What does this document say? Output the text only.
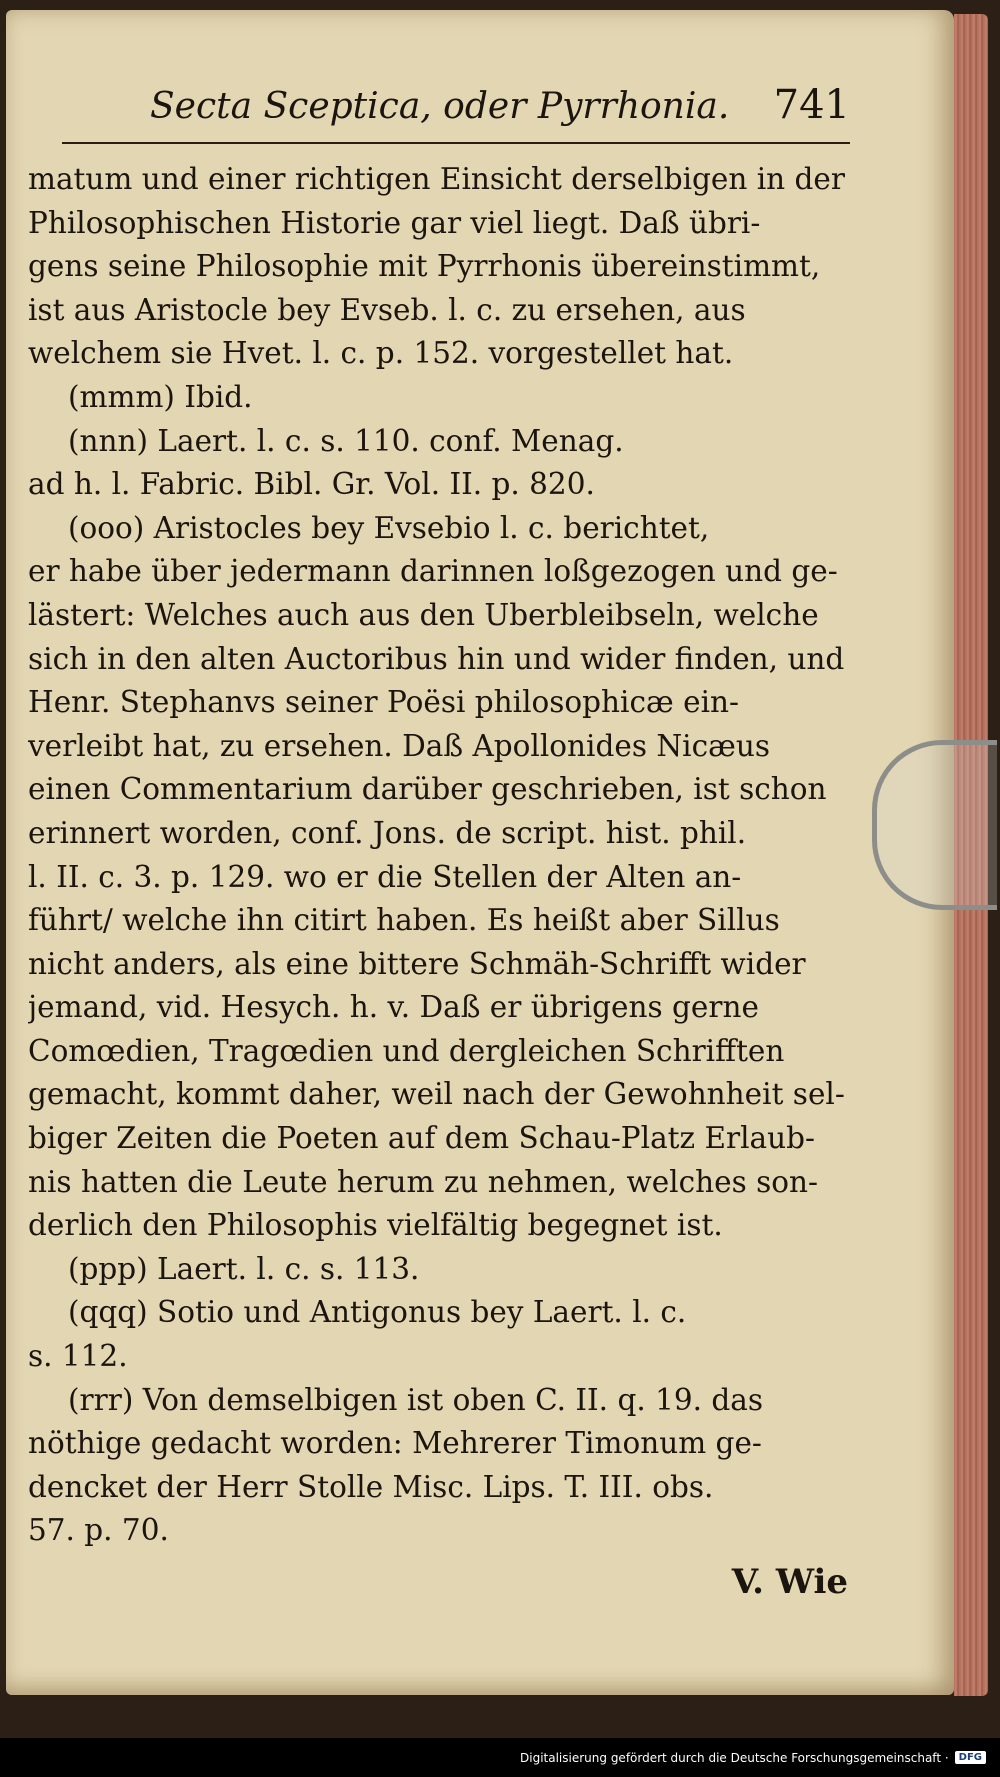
Secta Sceptica, oder Pyrrhonia. 741
matum und einer richtigen Einsicht derselbigen in der
Philosophischen Historie gar viel liegt. Daß übri-
gens seine Philosophie mit Pyrrhonis übereinstimmt,
ist aus Aristocle bey Evseb. l. c. zu ersehen, aus
welchem sie Hvet. l. c. p. 152. vorgestellet hat.
(mmm) Ibid.
(nnn) Laert. l. c. s. 110. conf. Menag.
ad h. l. Fabric. Bibl. Gr. Vol. II. p. 820.
(ooo) Aristocles bey Evsebio l. c. berichtet,
er habe über jedermann darinnen loßgezogen und ge-
lästert: Welches auch aus den Uberbleibseln, welche
sich in den alten Auctoribus hin und wider finden, und
Henr. Stephanvs seiner Poësi philosophicæ ein-
verleibt hat, zu ersehen. Daß Apollonides Nicæus
einen Commentarium darüber geschrieben, ist schon
erinnert worden, conf. Jons. de script. hist. phil.
l. II. c. 3. p. 129. wo er die Stellen der Alten an-
führt/ welche ihn citirt haben. Es heißt aber Sillus
nicht anders, als eine bittere Schmäh-Schrifft wider
jemand, vid. Hesych. h. v. Daß er übrigens gerne
Comœdien, Tragœdien und dergleichen Schrifften
gemacht, kommt daher, weil nach der Gewohnheit sel-
biger Zeiten die Poeten auf dem Schau-Platz Erlaub-
nis hatten die Leute herum zu nehmen, welches son-
derlich den Philosophis vielfältig begegnet ist.
(ppp) Laert. l. c. s. 113.
(qqq) Sotio und Antigonus bey Laert. l. c.
s. 112.
(rrr) Von demselbigen ist oben C. II. q. 19. das
nöthige gedacht worden: Mehrerer Timonum ge-
dencket der Herr Stolle Misc. Lips. T. III. obs.
57. p. 70.
V. Wie
Digitalisierung gefördert durch die Deutsche Forschungsgemeinschaft ·	DFG
